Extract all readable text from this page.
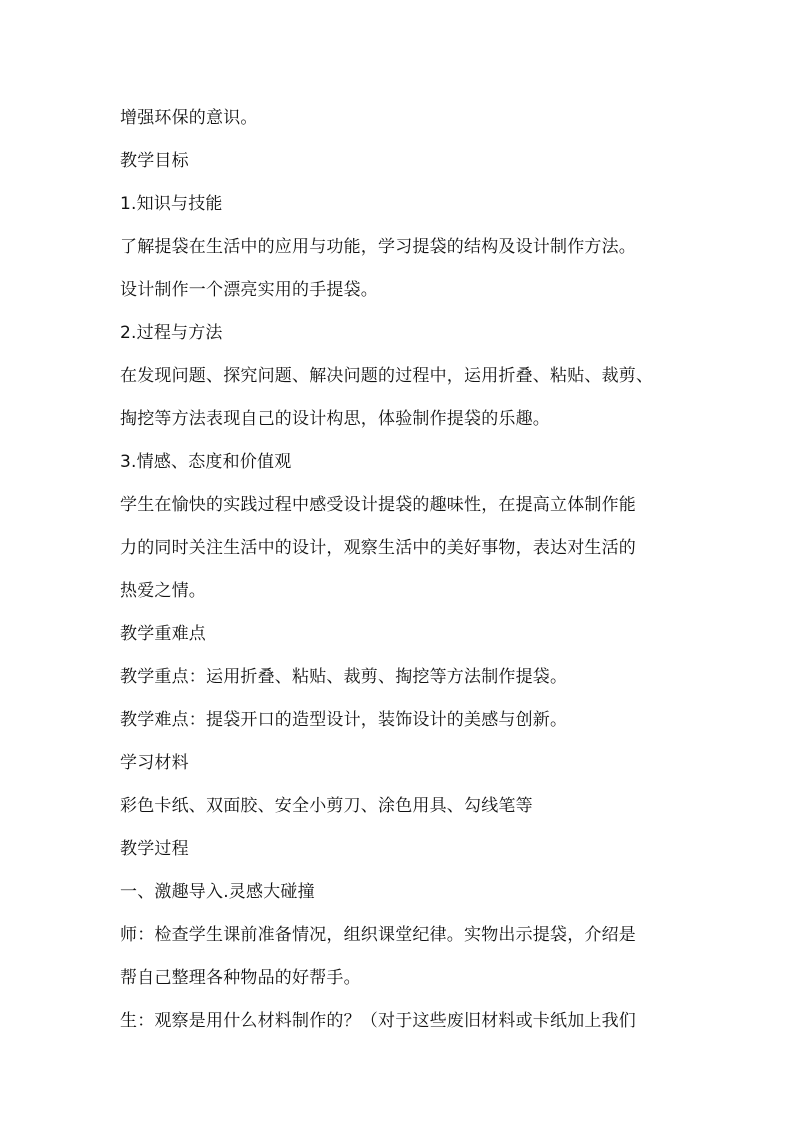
增强环保的意识。
教学目标
1.知识与技能
了解提袋在生活中的应用与功能，学习提袋的结构及设计制作方法。
设计制作一个漂亮实用的手提袋。
2.过程与方法
在发现问题、探究问题、解决问题的过程中，运用折叠、粘贴、裁剪、
掏挖等方法表现自己的设计构思，体验制作提袋的乐趣。
3.情感、态度和价值观
学生在愉快的实践过程中感受设计提袋的趣味性，在提高立体制作能
力的同时关注生活中的设计，观察生活中的美好事物，表达对生活的
热爱之情。
教学重难点
教学重点：运用折叠、粘贴、裁剪、掏挖等方法制作提袋。
教学难点：提袋开口的造型设计，装饰设计的美感与创新。
学习材料
彩色卡纸、双面胶、安全小剪刀、涂色用具、勾线笔等
教学过程
一、激趣导入.灵感大碰撞
师：检查学生课前准备情况，组织课堂纪律。实物出示提袋，介绍是
帮自己整理各种物品的好帮手。
生：观察是用什么材料制作的？（对于这些废旧材料或卡纸加上我们
